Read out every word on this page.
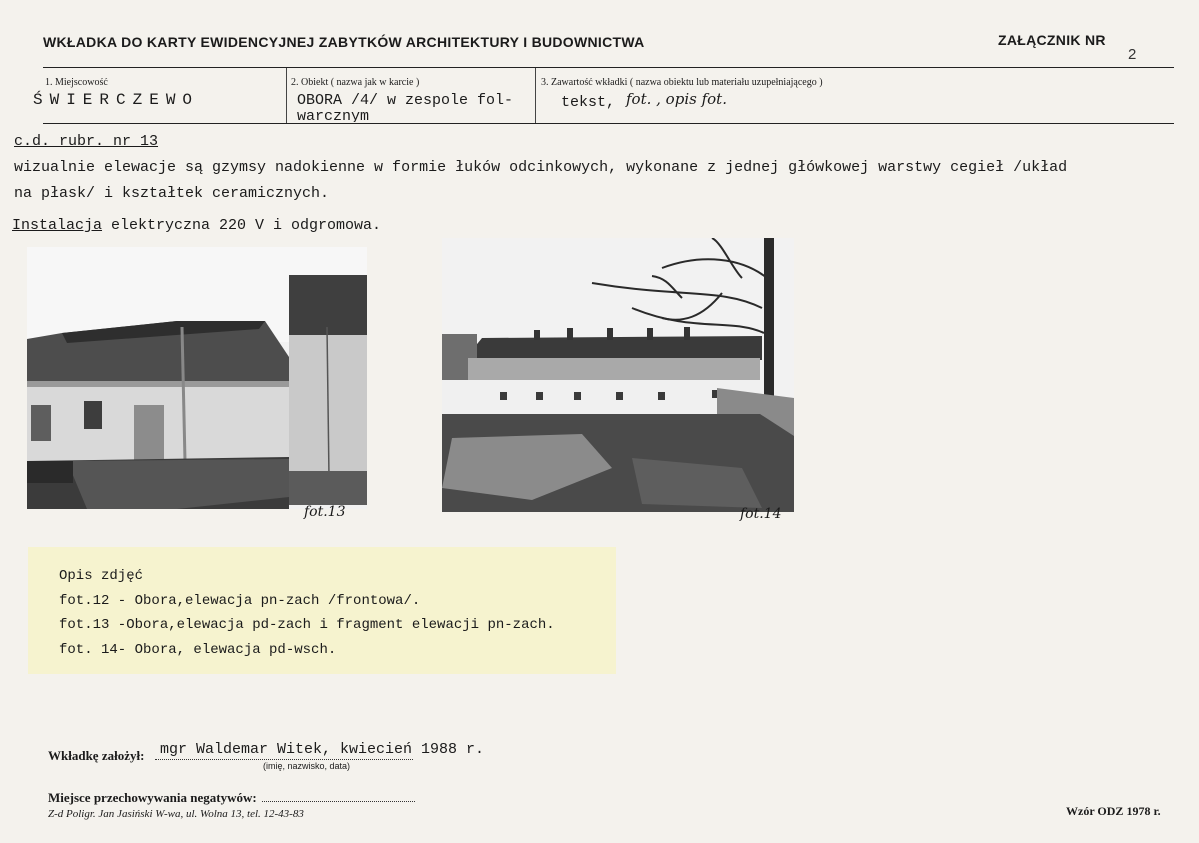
WKŁADKA DO KARTY EWIDENCYJNEJ ZABYTKÓW ARCHITEKTURY I BUDOWNICTWA	ZAŁĄCZNIK NR
2
1. Miejscowość
ŚWIERCZEWO
2. Obiekt ( nazwa jak w karcie )
OBORA /4/ w zespole fol-
warcznym
3. Zawartość wkładki ( nazwa obiektu lub materiału uzupełniającego )
tekst, fot. , opis fot.
c.d. rubr. nr 13
wizualnie elewacje są gzymsy nadokienne w formie łuków odcinkowych, wykonane z jednej główkowej warstwy cegieł /układ
na płask/ i kształtek ceramicznych.
Instalacja elektryczna 220 V i odgromowa.
fot.13	fot.14
Opis zdjęć
fot.12 - Obora,elewacja pn-zach /frontowa/.
fot.13 -Obora,elewacja pd-zach i fragment elewacji pn-zach.
fot. 14- Obora, elewacja pd-wsch.
Wkładkę założył: mgr Waldemar Witek, kwiecień 1988 r.
(imię, nazwisko, data)
Miejsce przechowywania negatywów:
Z-d Poligr. Jan Jasiński W-wa, ul. Wolna 13, tel. 12-43-83	Wzór ODZ 1978 r.
